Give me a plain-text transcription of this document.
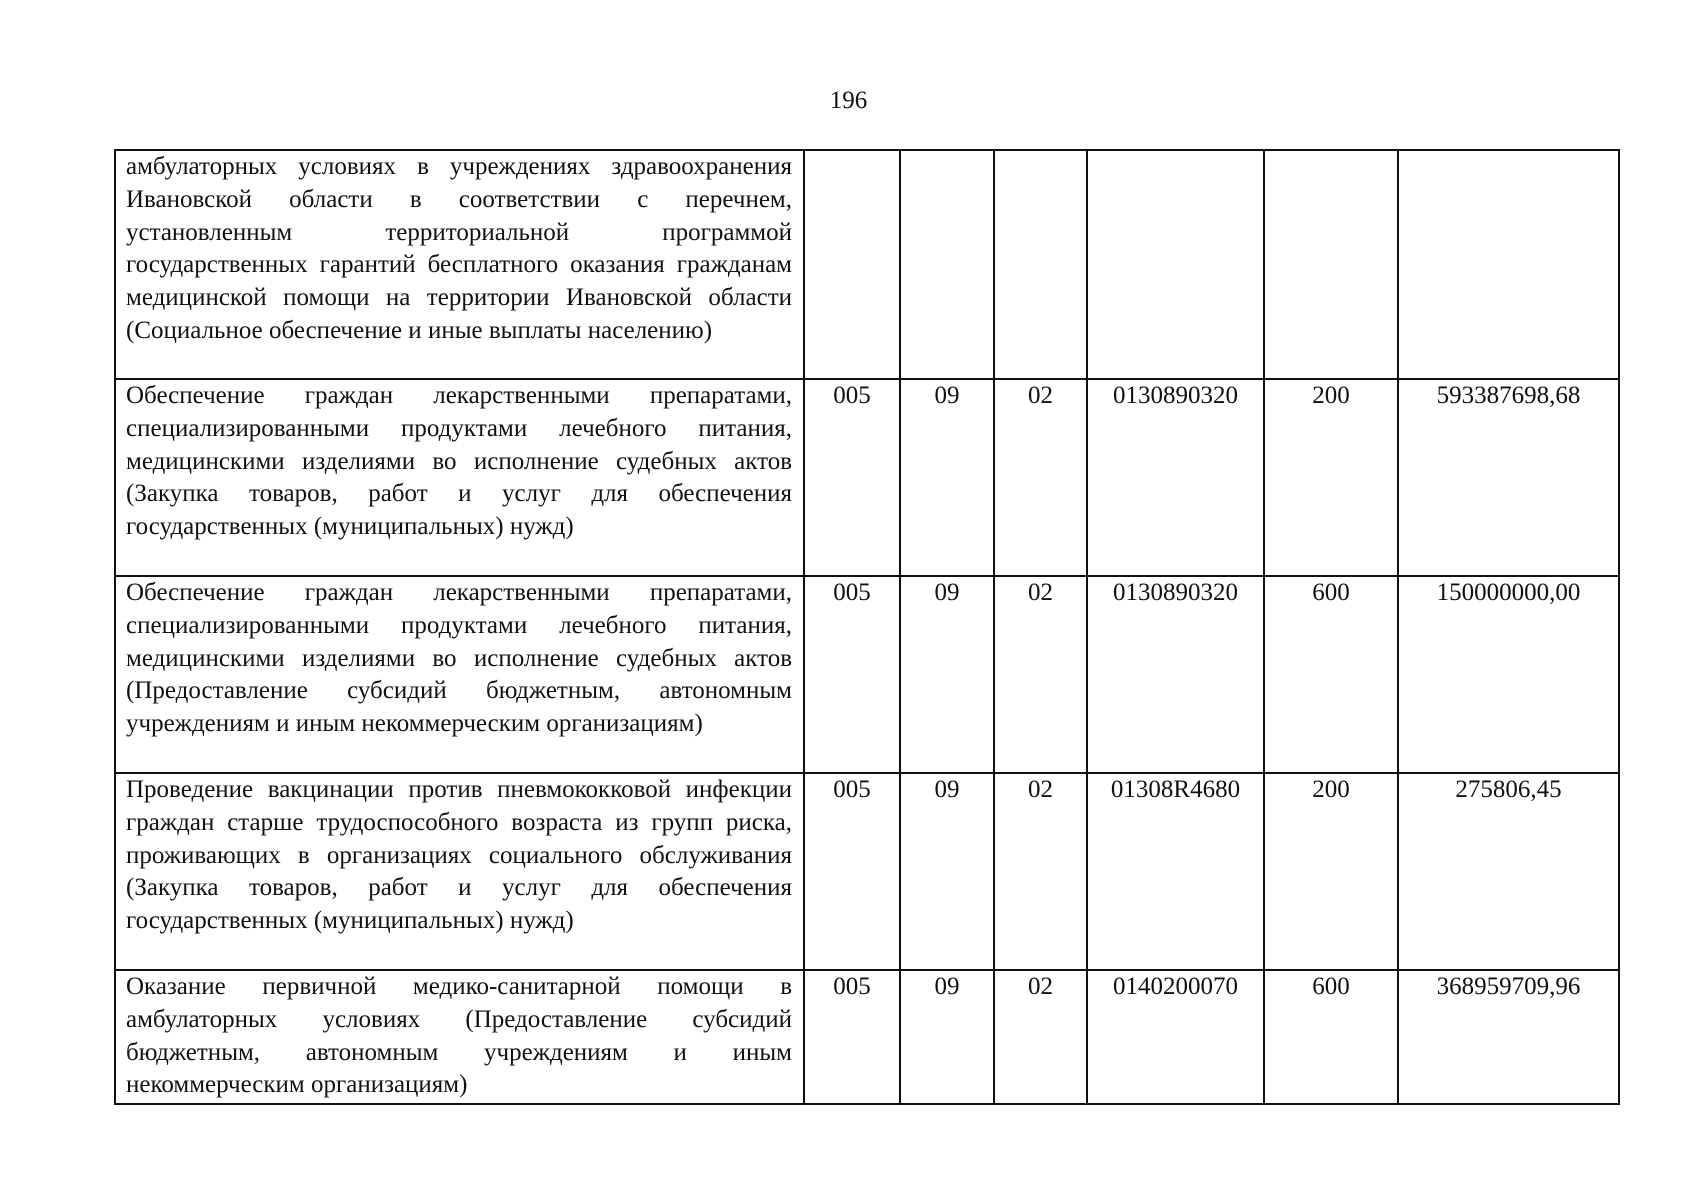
196
амбулаторных условиях в учреждениях здравоохранения Ивановской области в соответствии с перечнем, установленным территориальной программой государственных гарантий бесплатного оказания гражданам медицинской помощи на территории Ивановской области (Социальное обеспечение и иные выплаты населению)						
Обеспечение граждан лекарственными препаратами, специализированными продуктами лечебного питания, медицинскими изделиями во исполнение судебных актов (Закупка товаров, работ и услуг для обеспечения государственных (муниципальных) нужд)	005	09	02	0130890320	200	593387698,68
Обеспечение граждан лекарственными препаратами, специализированными продуктами лечебного питания, медицинскими изделиями во исполнение судебных актов (Предоставление субсидий бюджетным, автономным учреждениям и иным некоммерческим организациям)	005	09	02	0130890320	600	150000000,00
Проведение вакцинации против пневмококковой инфекции граждан старше трудоспособного возраста из групп риска, проживающих в организациях социального обслуживания (Закупка товаров, работ и услуг для обеспечения государственных (муниципальных) нужд)	005	09	02	01308R4680	200	275806,45
Оказание первичной медико-санитарной помощи в амбулаторных условиях (Предоставление субсидий бюджетным, автономным учреждениям и иным некоммерческим организациям)	005	09	02	0140200070	600	368959709,96
